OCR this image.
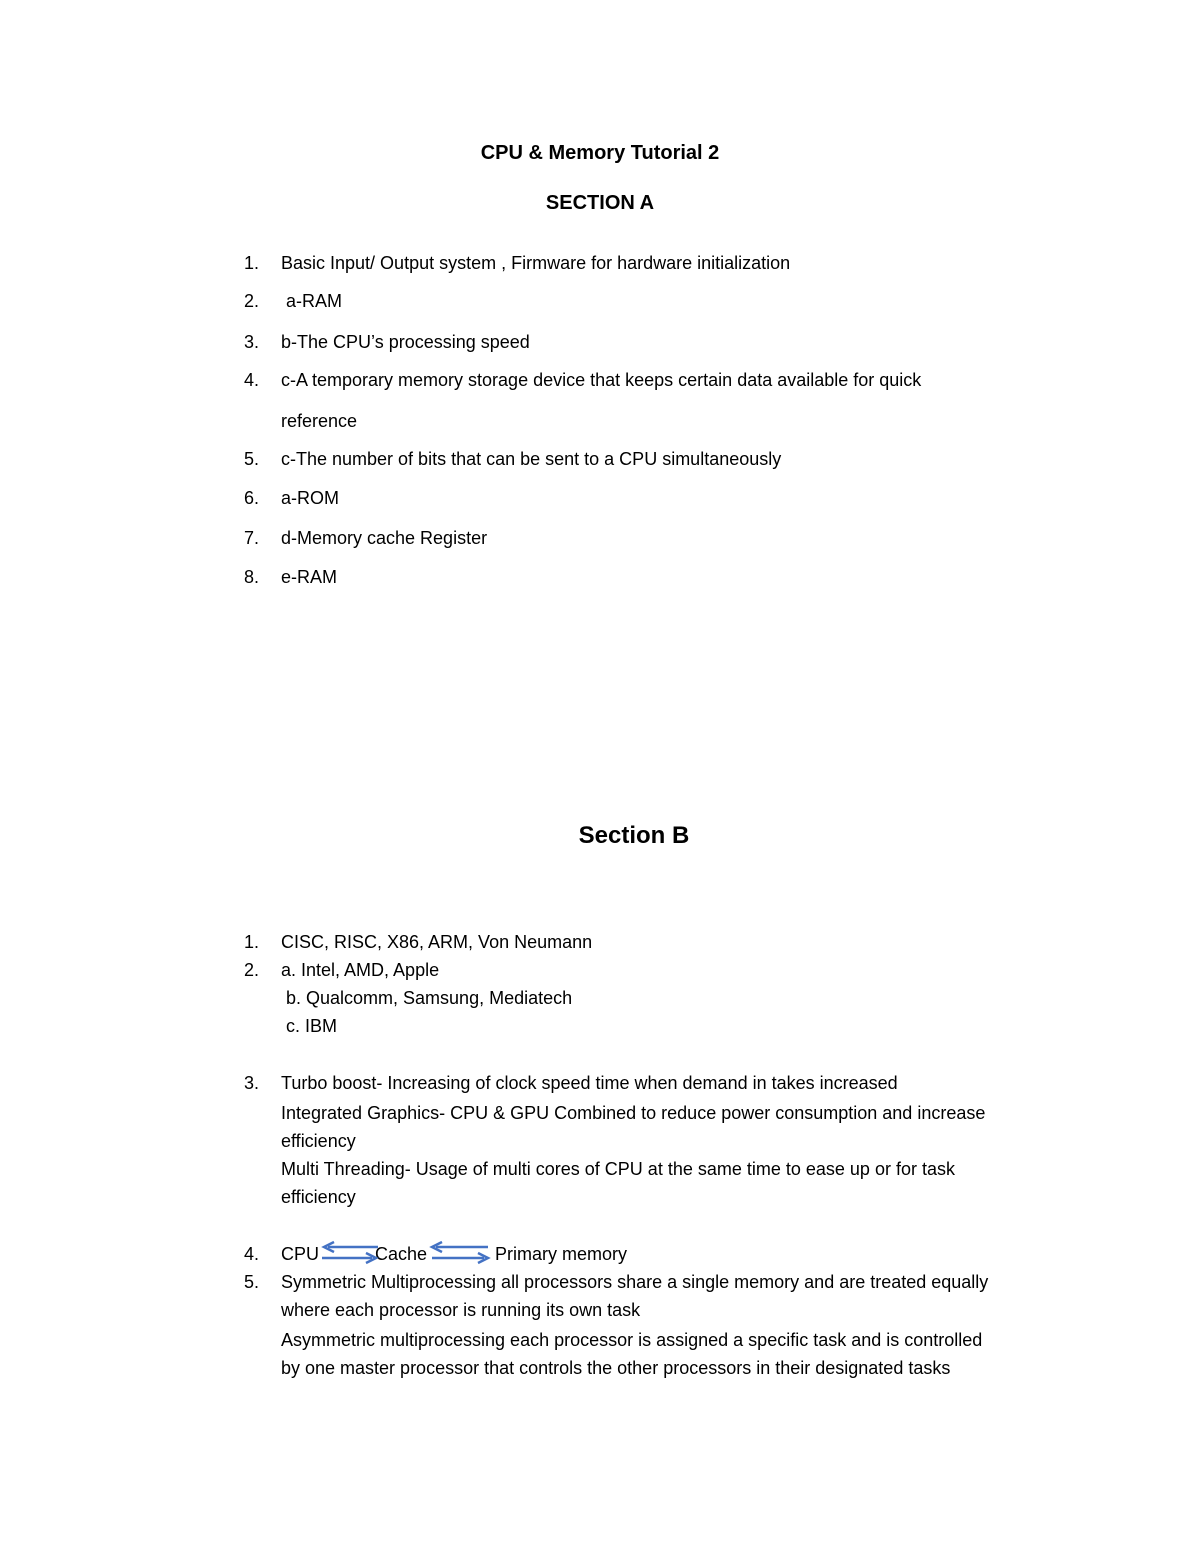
CPU & Memory Tutorial 2
SECTION A
1. Basic Input/ Output system , Firmware for hardware initialization
2. a-RAM
3. b-The CPU’s processing speed
4. c-A temporary memory storage device that keeps certain data available for quick
reference
5. c-The number of bits that can be sent to a CPU simultaneously
6. a-ROM
7. d-Memory cache Register
8. e-RAM
Section B
1. CISC, RISC, X86, ARM, Von Neumann
2. a. Intel, AMD, Apple
b. Qualcomm, Samsung, Mediatech
c. IBM
3. Turbo boost- Increasing of clock speed time when demand in takes increased
Integrated Graphics- CPU & GPU Combined to reduce power consumption and increase
efficiency
Multi Threading- Usage of multi cores of CPU at the same time to ease up or for task
efficiency
4.	CPU	Cache	Primary memory
5. Symmetric Multiprocessing all processors share a single memory and are treated equally
where each processor is running its own task
Asymmetric multiprocessing each processor is assigned a specific task and is controlled
by one master processor that controls the other processors in their designated tasks
